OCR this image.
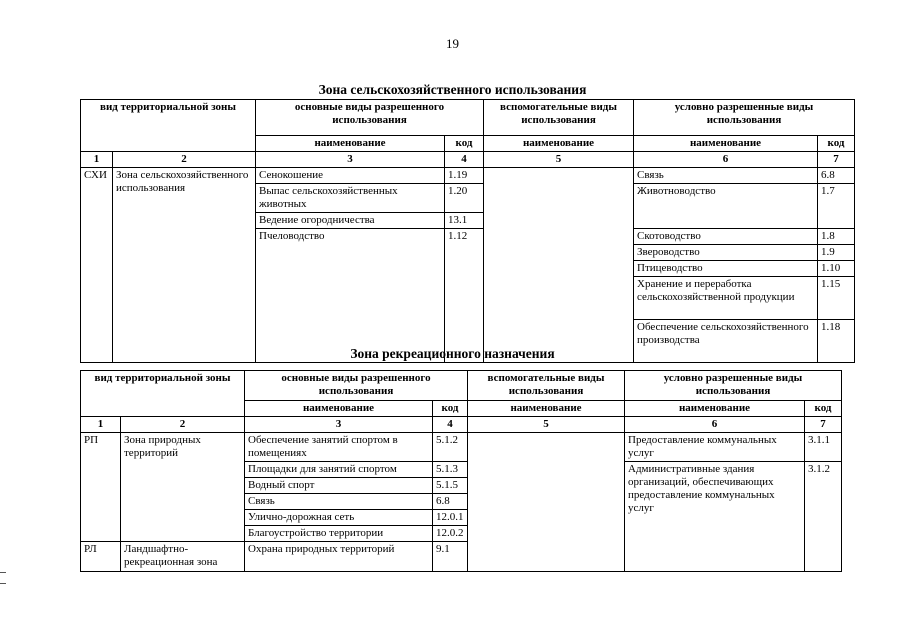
19
Зона сельскохозяйственного использования
вид территориальной зоны		основные виды разрешенного использования		вспомогательные виды использования	условно разрешенные виды использования	
		наименование	код	наименование	наименование	код
1	2	3	4	5	6	7
СХИ	Зона сельскохозяйственного использования	Сенокошение	1.19		Связь	6.8
		Выпас сельскохозяйственных животных	1.20		Животноводство	1.7

		Ведение огородничества	13.1			
		Пчеловодство	1.12		Скотоводство	1.8
					Звероводство	1.9
					Птицеводство	1.10
					Хранение и переработка сельскохозяйственной продукции	1.15
					Обеспечение сельскохозяйственного производства	1.18
Зона рекреационного назначения
вид территориальной зоны		основные виды разрешенного использования		вспомогательные виды использования	условно разрешенные виды использования	
		наименование	код	наименование	наименование	код
1	2	3	4	5	6	7
РП	Зона природных территорий	Обеспечение занятий спортом в помещениях	5.1.2		Предоставление коммунальных услуг	3.1.1
		Площадки для занятий спортом	5.1.3		Административные здания организаций, обеспечивающих предоставление коммунальных услуг	3.1.2
		Водный спорт	5.1.5			
		Связь	6.8			
		Улично-дорожная сеть	12.0.1			
		Благоустройство территории	12.0.2			
РЛ	Ландшафтно-рекреационная зона	Охрана природных территорий	9.1			
